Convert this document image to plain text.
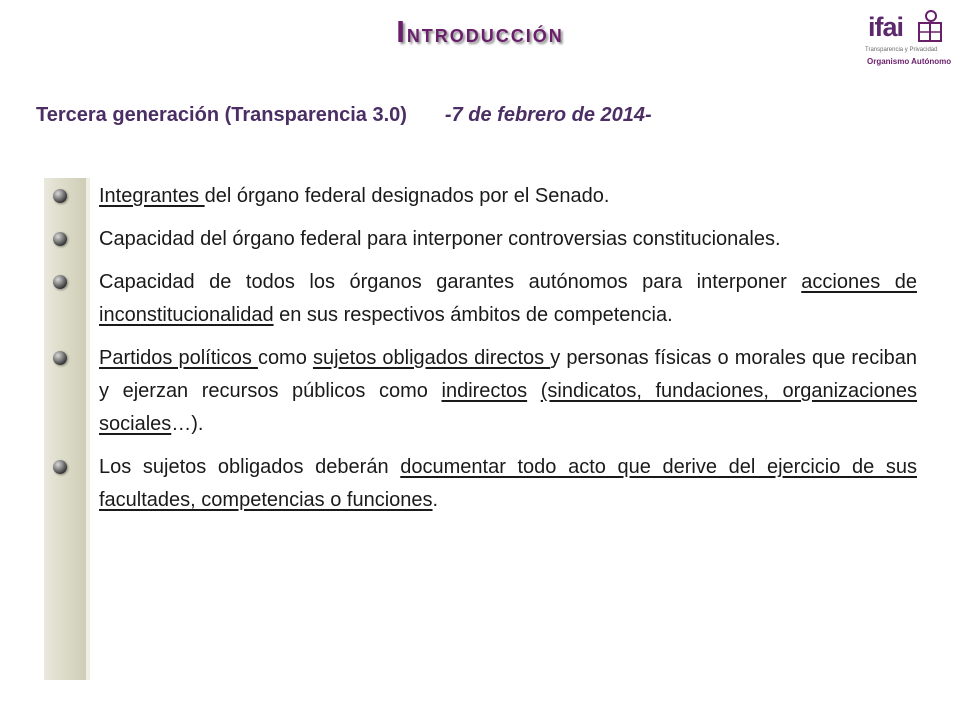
Introducción	ifai
Transparencia y Privacidad
Organismo Autónomo
Tercera generación (Transparencia 3.0) -7 de febrero de 2014-
Integrantes del órgano federal designados por el Senado.
Capacidad del órgano federal para interponer controversias constitucionales.
Capacidad de todos los órganos garantes autónomos para interponer acciones de inconstitucionalidad en sus respectivos ámbitos de competencia.
Partidos políticos como sujetos obligados directos y personas físicas o morales que reciban y ejerzan recursos públicos como indirectos (sindicatos, fundaciones, organizaciones sociales…).
Los sujetos obligados deberán documentar todo acto que derive del ejercicio de sus facultades, competencias o funciones.
